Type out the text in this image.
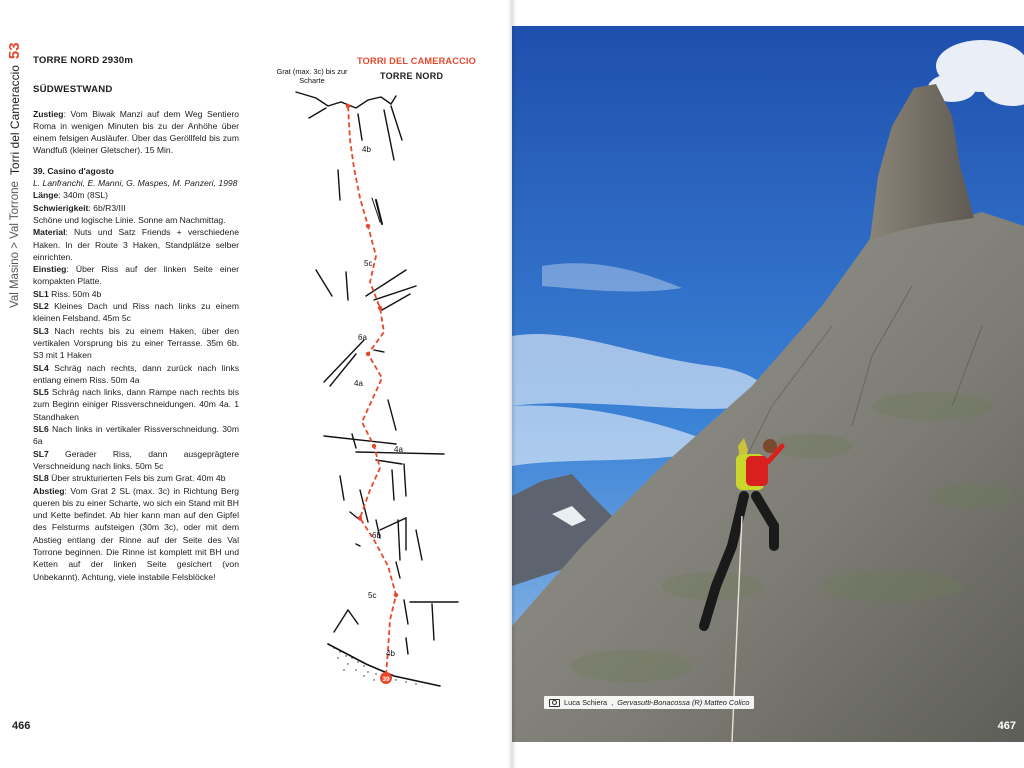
Val Masino > Val Torrone
Torri del Cameraccio
53
TORRE NORD 2930m
SÜDWESTWAND

Zustieg: Vom Biwak Manzi auf dem Weg Sentiero Roma in wenigen Minuten bis zu der Anhöhe über einem felsigen Ausläufer. Über das Geröllfeld bis zum Wandfuß (kleiner Gletscher). 15 Min.

39. Casino d'agosto

L. Lanfranchi, E. Manni, G. Maspes, M. Panzeri, 1998

Länge: 340m (8SL)

Schwierigkeit: 6b/R3/III

Schöne und logische Linie. Sonne am Nachmittag.

Material: Nuts und Satz Friends + verschiedene Haken. In der Route 3 Haken, Standplätze selber einrichten.

Einstieg: Über Riss auf der linken Seite einer kompakten Platte.

SL1 Riss. 50m 4b

SL2 Kleines Dach und Riss nach links zu einem kleinen Felsband. 45m 5c

SL3 Nach rechts bis zu einem Haken, über den vertikalen Vorsprung bis zu einer Terrasse. 35m 6b. S3 mit 1 Haken

SL4 Schräg nach rechts, dann zurück nach links entlang einem Riss. 50m 4a

SL5 Schräg nach links, dann Rampe nach rechts bis zum Beginn einiger Rissverschneidungen. 40m 4a. 1 Standhaken

SL6 Nach links in vertikaler Rissverschneidung. 30m 6a

SL7 Gerader Riss, dann ausgeprägtere Verschneidung nach links. 50m 5c

SL8 Über strukturierten Fels bis zum Grat. 40m 4b

Abstieg: Vom Grat 2 SL (max. 3c) in Richtung Berg queren bis zu einer Scharte, wo sich ein Stand mit BH und Kette befindet. Ab hier kann man auf den Gipfel des Felsturms aufsteigen (30m 3c), oder mit dem Abstieg entlang der Rinne auf der Seite des Val Torrone beginnen. Die Rinne ist komplett mit BH und Ketten auf der linken Seite gesichert (von Unbekannt). Achtung, viele instabile Felsblöcke!

TORRI DEL CAMERACCIO
TORRE NORD
Grat (max. 3c) bis zur Scharte
4b
5c
6a
4a
4a
6b
5c
4b
39
466
Luca Schiera , Gervasutti-Bonacossa (R) Matteo Colico
467
